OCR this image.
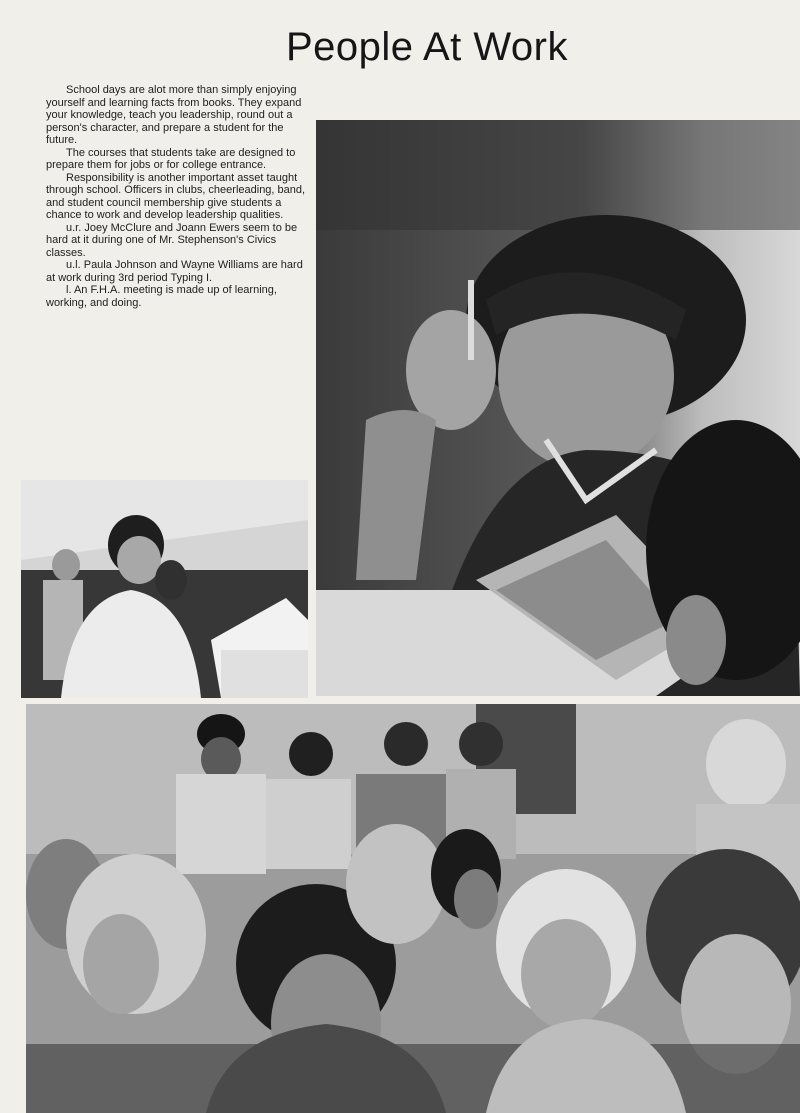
People At Work

School days are alot more than simply enjoying yourself and learning facts from books. They expand your knowledge, teach you leadership, round out a person's character, and prepare a student for the future.

The courses that students take are designed to prepare them for jobs or for college entrance.

Responsibility is another important asset taught through school. Officers in clubs, cheerleading, band, and student council membership give students a chance to work and develop leadership qualities.

u.r. Joey McClure and Joann Ewers seem to be hard at it during one of Mr. Stephenson's Civics classes.

u.l. Paula Johnson and Wayne Williams are hard at work during 3rd period Typing I.

l. An F.H.A. meeting is made up of learning, working, and doing.
